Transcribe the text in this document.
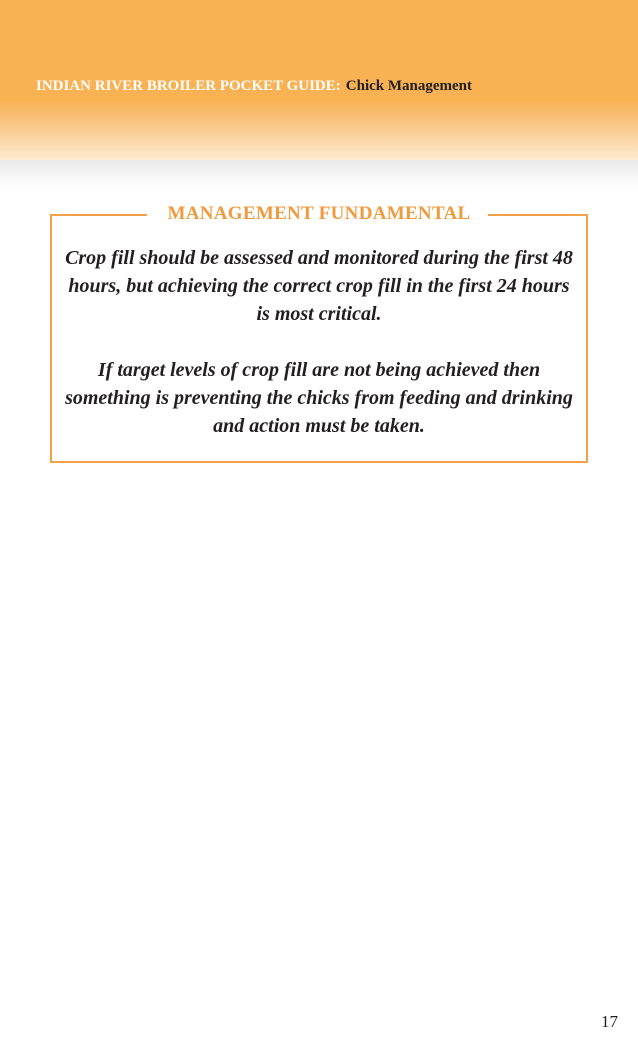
INDIAN RIVER BROILER POCKET GUIDE: Chick Management
MANAGEMENT FUNDAMENTAL

Crop fill should be assessed and monitored during the first 48 hours, but achieving the correct crop fill in the first 24 hours is most critical.

If target levels of crop fill are not being achieved then something is preventing the chicks from feeding and drinking and action must be taken.

17
